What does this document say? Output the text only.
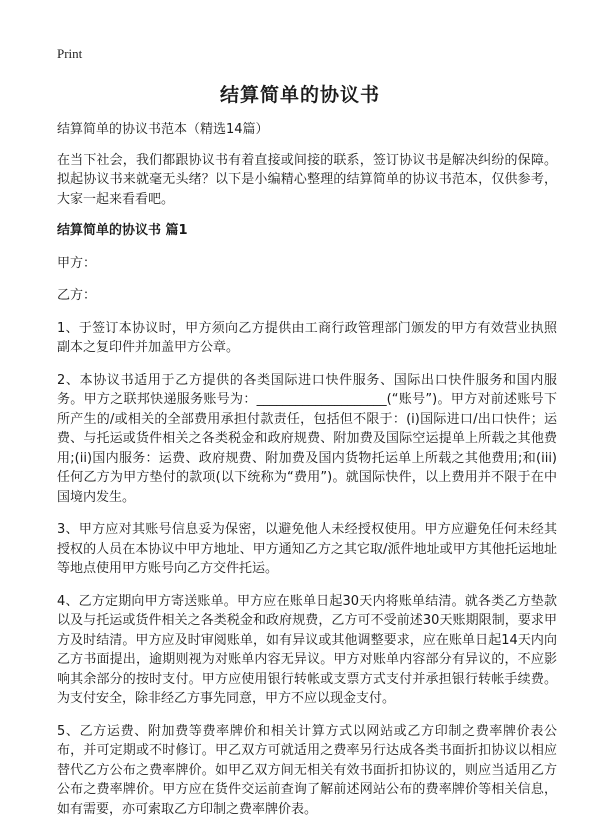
Print
结算简单的协议书

结算简单的协议书范本（精选14篇）

在当下社会，我们都跟协议书有着直接或间接的联系，签订协议书是解决纠纷的保障。拟起协议书来就毫无头绪？以下是小编精心整理的结算简单的协议书范本，仅供参考，大家一起来看看吧。

结算简单的协议书 篇1

甲方：

乙方：

1、于签订本协议时，甲方须向乙方提供由工商行政管理部门颁发的甲方有效营业执照副本之复印件并加盖甲方公章。

2、本协议书适用于乙方提供的各类国际进口快件服务、国际出口快件服务和国内服务。甲方之联邦快递服务账号为：____________________(“账号”)。甲方对前述账号下所产生的/或相关的全部费用承担付款责任，包括但不限于：(i)国际进口/出口快件；运费、与托运或货件相关之各类税金和政府规费、附加费及国际空运提单上所载之其他费用;(ii)国内服务：运费、政府规费、附加费及国内货物托运单上所载之其他费用;和(iii)任何乙方为甲方垫付的款项(以下统称为“费用”)。就国际快件，以上费用并不限于在中国境内发生。

3、甲方应对其账号信息妥为保密，以避免他人未经授权使用。甲方应避免任何未经其授权的人员在本协议中甲方地址、甲方通知乙方之其它取/派件地址或甲方其他托运地址等地点使用甲方账号向乙方交件托运。

4、乙方定期向甲方寄送账单。甲方应在账单日起30天内将账单结清。就各类乙方垫款以及与托运或货件相关之各类税金和政府规费，乙方可不受前述30天账期限制，要求甲方及时结清。甲方应及时审阅账单，如有异议或其他调整要求，应在账单日起14天内向乙方书面提出，逾期则视为对账单内容无异议。甲方对账单内容部分有异议的，不应影响其余部分的按时支付。甲方应使用银行转帐或支票方式支付并承担银行转帐手续费。为支付安全，除非经乙方事先同意，甲方不应以现金支付。

5、乙方运费、附加费等费率牌价和相关计算方式以网站或乙方印制之费率牌价表公布，并可定期或不时修订。甲乙双方可就适用之费率另行达成各类书面折扣协议以相应替代乙方公布之费率牌价。如甲乙双方间无相关有效书面折扣协议的，则应当适用乙方公布之费率牌价。甲方应在货件交运前查询了解前述网站公布的费率牌价等相关信息，如有需要，亦可索取乙方印制之费率牌价表。
